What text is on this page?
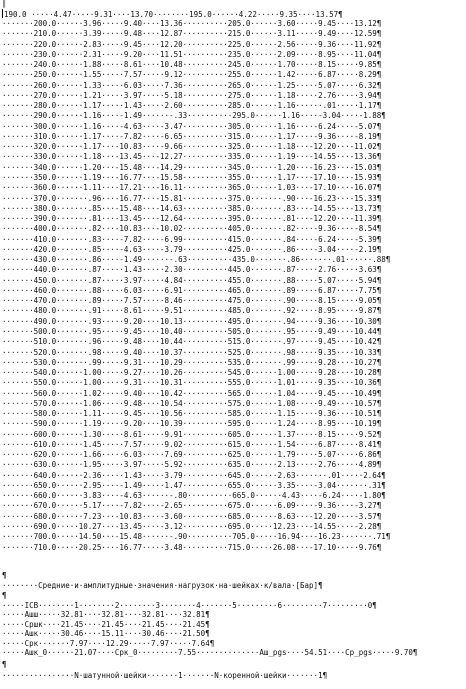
║
190.0 ·····4.47·····9.31····13.70········195.0······4.22·····9.35····13.57¶
·······200.0······3.96·····9.40····13.36··········205.0······3.60·····9.45····13.12¶
·······210.0······3.39·····9.48····12.87··········215.0······3.11·····9.49····12.59¶
·······220.0······2.83·····9.45····12.20··········225.0······2.56·····9.36····11.92¶
·······230.0······2.31·····9.20····11.51··········235.0······2.09·····8.95····11.04¶
·······240.0······1.88·····8.61····10.48··········245.0······1.70·····8.15·····9.85¶
·······250.0······1.55·····7.57·····9.12··········255.0······1.42·····6.87·····8.29¶
·······260.0······1.33·····6.03·····7.36··········265.0······1.25·····5.07·····6.32¶
·······270.0······1.21·····3.97·····5.18··········275.0······1.18·····2.76·····3.94¶
·······280.0······1.17·····1.43·····2.60··········285.0······1.16······.01·····1.17¶
·······290.0······1.16····-1.49······-.33··········295.0······1.16····-3.04····-1.88¶
·······300.0······1.16····-4.63····-3.47··········305.0······1.16····-6.24····-5.07¶
·······310.0······1.17····-7.82····-6.65··········315.0······1.17····-9.36····-8.19¶
·······320.0······1.17···-10.83····-9.66··········325.0······1.18···-12.20···-11.02¶
·······330.0······1.18···-13.45···-12.27··········335.0······1.19···-14.55···-13.36¶
·······340.0······1.20···-15.48···-14.29··········345.0······1.20···-16.23···-15.03¶
·······350.0······1.19···-16.77···-15.58··········355.0······1.17···-17.10···-15.93¶
·······360.0······1.11···-17.21···-16.11··········365.0······1.03···-17.10···-16.07¶
·······370.0·······.96···-16.77···-15.81··········375.0·······.90···-16.23···-15.33¶
·······380.0·······.85···-15.48···-14.63··········385.0·······.83···-14.55···-13.73¶
·······390.0·······.81···-13.45···-12.64··········395.0·······.81···-12.20···-11.39¶
·······400.0·······.82···-10.83···-10.02··········405.0·······.82····-9.36····-8.54¶
·······410.0·······.83····-7.82····-6.99··········415.0·······.84····-6.24····-5.39¶
·······420.0·······.85····-4.63····-3.79··········425.0·······.86····-3.04····-2.19¶
·······430.0·······.86····-1.49······-.63··········435.0·······.86·······.01······.88¶
·······440.0·······.87·····1.43·····2.30··········445.0·······.87·····2.76·····3.63¶
·······450.0·······.87·····3.97·····4.84··········455.0·······.88·····5.07·····5.94¶
·······460.0·······.88·····6.03·····6.91··········465.0·······.89·····6.87·····7.75¶
·······470.0·······.89·····7.57·····8.46··········475.0·······.90·····8.15·····9.05¶
·······480.0·······.91·····8.61·····9.51··········485.0·······.92·····8.95·····9.87¶
·······490.0·······.93·····9.20····10.13··········495.0·······.94·····9.36····10.30¶
·······500.0·······.95·····9.45····10.40··········505.0·······.95·····9.49····10.44¶
·······510.0·······.96·····9.48····10.44··········515.0·······.97·····9.45····10.42¶
·······520.0·······.98·····9.40····10.37··········525.0·······.98·····9.35····10.33¶
·······530.0·······.99·····9.31····10.29··········535.0·······.99·····9.28····10.27¶
·······540.0······1.00·····9.27····10.26··········545.0······1.00·····9.28····10.28¶
·······550.0······1.00·····9.31····10.31··········555.0······1.01·····9.35····10.36¶
·······560.0······1.02·····9.40····10.42··········565.0······1.04·····9.45····10.49¶
·······570.0······1.06·····9.48····10.54··········575.0······1.08·····9.49····10.57¶
·······580.0······1.11·····9.45····10.56··········585.0······1.15·····9.36····10.51¶
·······590.0······1.19·····9.20····10.39··········595.0······1.24·····8.95····10.19¶
·······600.0······1.30·····8.61·····9.91··········605.0······1.37·····8.15·····9.52¶
·······610.0······1.45·····7.57·····9.02··········615.0······1.54·····6.87·····8.41¶
·······620.0······1.66·····6.03·····7.69··········625.0······1.79·····5.07·····6.86¶
·······630.0······1.95·····3.97·····5.92··········635.0······2.13·····2.76·····4.89¶
·······640.0······2.36·····1.43·····3.79··········645.0······2.63·······.01·····2.64¶
·······650.0······2.95····-1.49·····1.47··········655.0······3.35····-3.04·······.31¶
·······660.0······3.83····-4.63······-.80··········665.0······4.43····-6.24····-1.80¶
·······670.0······5.17····-7.82····-2.65··········675.0······6.09····-9.36····-3.27¶
·······680.0······7.23···-10.83····-3.60··········685.0······8.63···-12.20····-3.57¶
·······690.0·····10.27···-13.45····-3.12··········695.0·····12.23···-14.55····-2.28¶
·······700.0·····14.50···-15.48······-.90··········705.0·····16.94···-16.23·······.71¶
·······710.0·····20.25···-16.77·····3.48··········715.0·····26.08···-17.10·····9.76¶
¶
········Средние·и·амплитудные·значения·нагрузок·на·шейках·к/вала·[Бар]¶
¶
·····ICB········1········2········3········4·······5·········6·········7·········0¶
·····Ашш·····32.81····32.81····32.81····32.81¶
·····Сршк····21.45····21.45····21.45····21.45¶
·····Ашк·····30.46····15.11····30.46····21.50¶
·····Срк·······7.97····12.29·····7.97·····7.64¶
·····Ашк_0······21.07····Срк_0·········7.55··············Аш_pgs····54.51····Ср_pgs·····9.70¶
¶
················N·шатунной·шейки·······1·······N·коренной·шейки·······1¶
